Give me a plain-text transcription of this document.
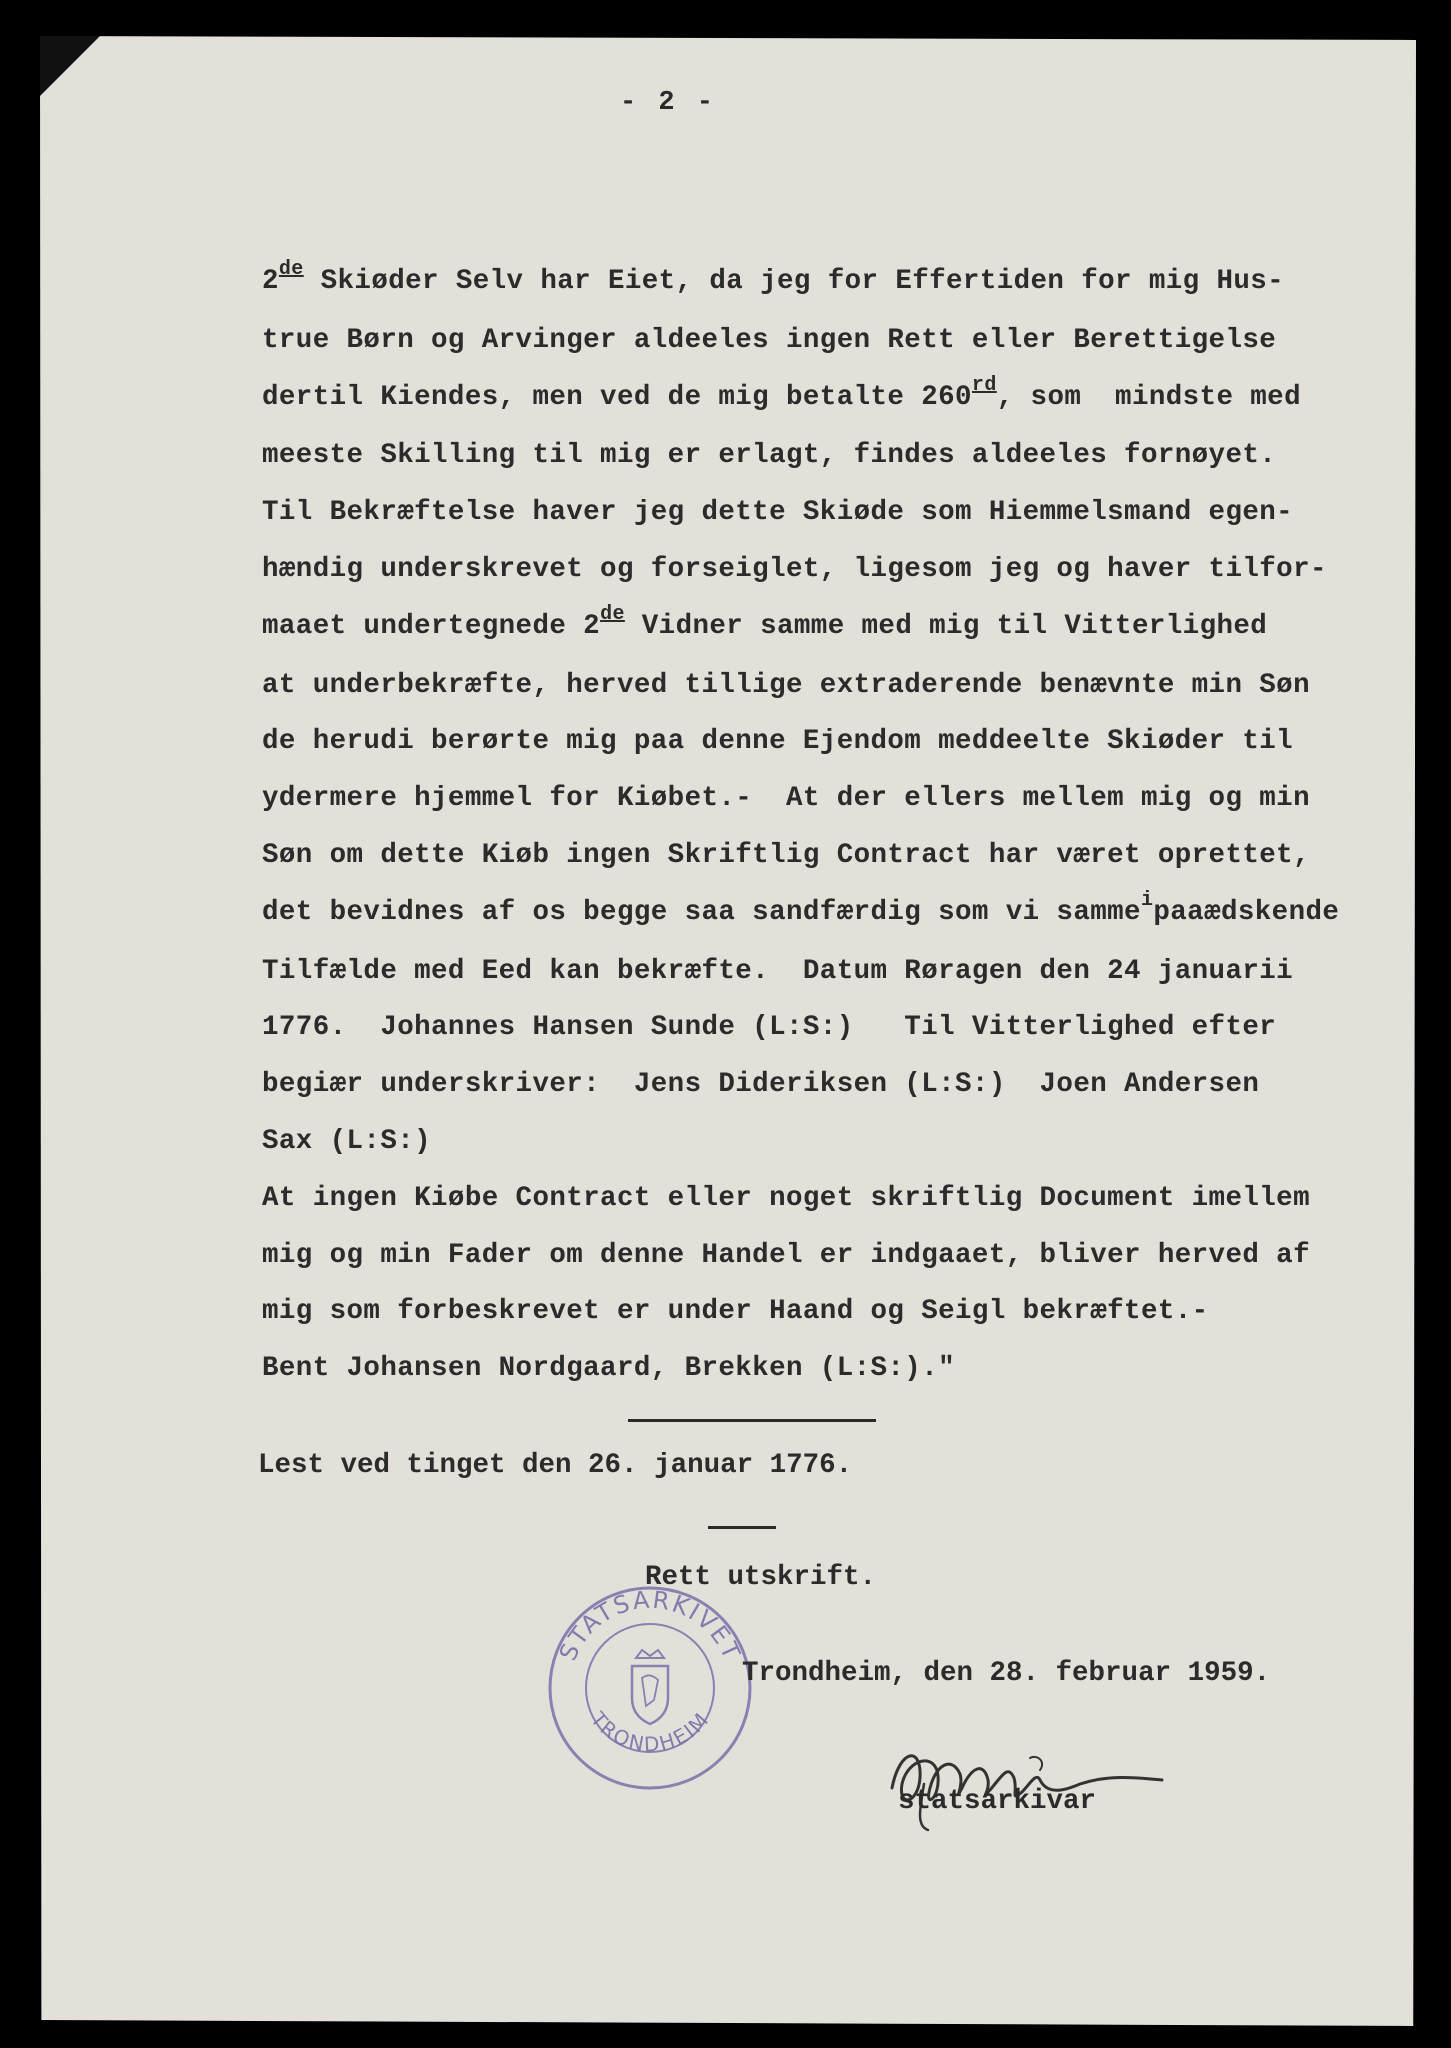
- 2 -
2de Skiøder Selv har Eiet, da jeg for Effertiden for mig Hus-
true Børn og Arvinger aldeeles ingen Rett eller Berettigelse
dertil Kiendes, men ved de mig betalte 260rd, som  mindste med
meeste Skilling til mig er erlagt, findes aldeeles fornøyet.
Til Bekræftelse haver jeg dette Skiøde som Hiemmelsmand egen-
hændig underskrevet og forseiglet, ligesom jeg og haver tilfor-
maaet undertegnede 2de Vidner samme med mig til Vitterlighed
at underbekræfte, herved tillige extraderende benævnte min Søn
de herudi berørte mig paa denne Ejendom meddeelte Skiøder til
ydermere hjemmel for Kiøbet.-  At der ellers mellem mig og min
Søn om dette Kiøb ingen Skriftlig Contract har været oprettet,
det bevidnes af os begge saa sandfærdig som vi samme$^i$paaædskende
Tilfælde med Eed kan bekræfte.  Datum Røragen den 24 januarii
1776.  Johannes Hansen Sunde (L:S:)   Til Vitterlighed efter
begiær underskriver:  Jens Dideriksen (L:S:)  Joen Andersen
Sax (L:S:)
At ingen Kiøbe Contract eller noget skriftlig Document imellem
mig og min Fader om denne Handel er indgaaet, bliver herved af
mig som forbeskrevet er under Haand og Seigl bekræftet.-
Bent Johansen Nordgaard, Brekken (L:S:)."
Lest ved tinget den 26. januar 1776.
Rett utskrift.
STATSARKIVET
TRONDHEIM
Trondheim, den 28. februar 1959.
statsarkivar
